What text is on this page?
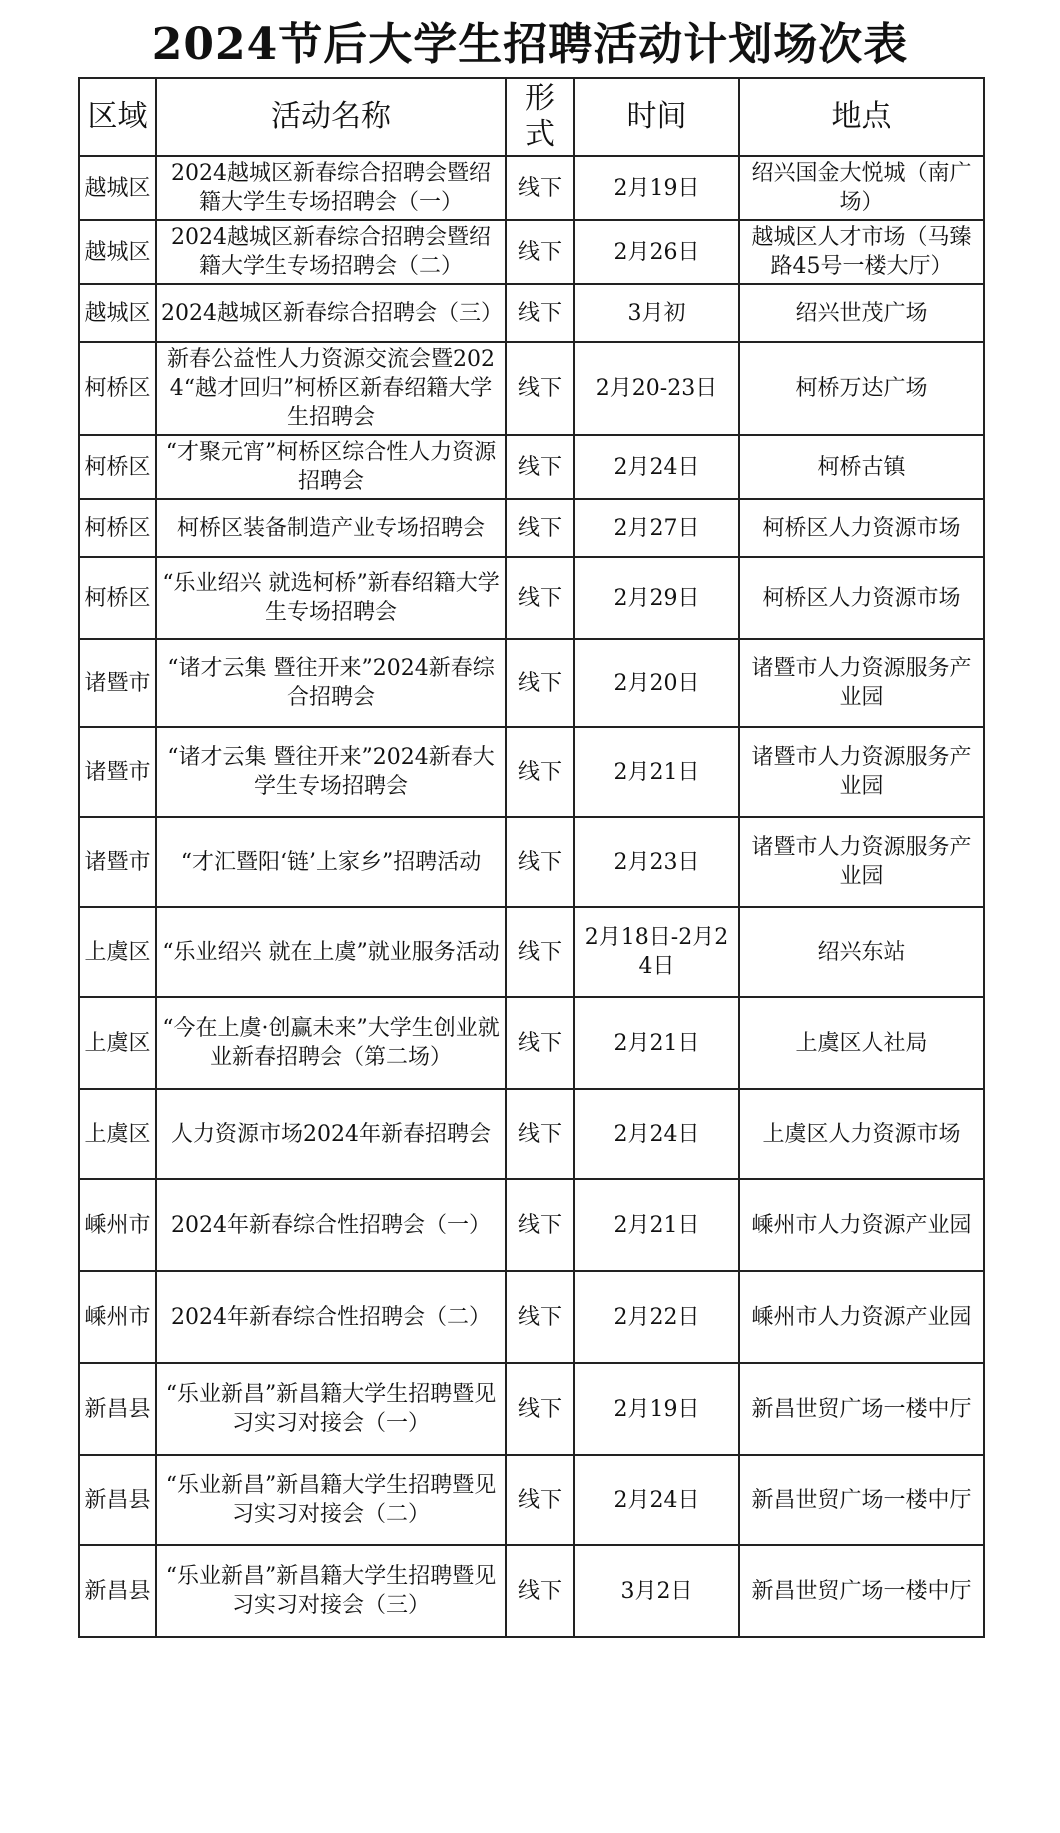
2024节后大学生招聘活动计划场次表
区域	活动名称	形式	时间	地点
越城区	2024越城区新春综合招聘会暨绍籍大学生专场招聘会（一）	线下	2月19日	绍兴国金大悦城（南广场）
越城区	2024越城区新春综合招聘会暨绍籍大学生专场招聘会（二）	线下	2月26日	越城区人才市场（马臻路45号一楼大厅）
越城区	2024越城区新春综合招聘会（三）	线下	3月初	绍兴世茂广场
柯桥区	新春公益性人力资源交流会暨2024“越才回归”柯桥区新春绍籍大学生招聘会	线下	2月20-23日	柯桥万达广场
柯桥区	“才聚元宵”柯桥区综合性人力资源招聘会	线下	2月24日	柯桥古镇
柯桥区	柯桥区装备制造产业专场招聘会	线下	2月27日	柯桥区人力资源市场
柯桥区	“乐业绍兴 就选柯桥”新春绍籍大学生专场招聘会	线下	2月29日	柯桥区人力资源市场
诸暨市	“诸才云集 暨往开来”2024新春综合招聘会	线下	2月20日	诸暨市人力资源服务产业园
诸暨市	“诸才云集 暨往开来”2024新春大学生专场招聘会	线下	2月21日	诸暨市人力资源服务产业园
诸暨市	“才汇暨阳‘链’上家乡”招聘活动	线下	2月23日	诸暨市人力资源服务产业园
上虞区	“乐业绍兴 就在上虞”就业服务活动	线下	2月18日-2月24日	绍兴东站
上虞区	“今在上虞·创赢未来”大学生创业就业新春招聘会（第二场）	线下	2月21日	上虞区人社局
上虞区	人力资源市场2024年新春招聘会	线下	2月24日	上虞区人力资源市场
嵊州市	2024年新春综合性招聘会（一）	线下	2月21日	嵊州市人力资源产业园
嵊州市	2024年新春综合性招聘会（二）	线下	2月22日	嵊州市人力资源产业园
新昌县	“乐业新昌”新昌籍大学生招聘暨见习实习对接会（一）	线下	2月19日	新昌世贸广场一楼中厅
新昌县	“乐业新昌”新昌籍大学生招聘暨见习实习对接会（二）	线下	2月24日	新昌世贸广场一楼中厅
新昌县	“乐业新昌”新昌籍大学生招聘暨见习实习对接会（三）	线下	3月2日	新昌世贸广场一楼中厅
